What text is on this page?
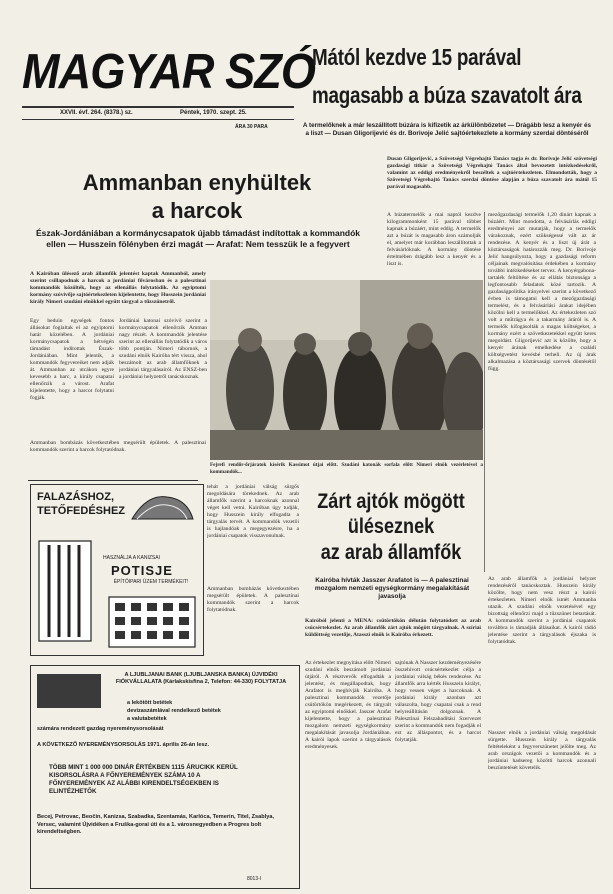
MAGYAR SZÓ
XXVII. évf. 264. (8378.) sz.	Péntek, 1970. szept. 25.
Mától kezdve 15 parával
magasabb a búza szavatolt ára
ÁRA 30 PARA	A termelőknek a már leszállított búzára is kifizetik az árkülönbözetet — Drágább lesz a kenyér és a liszt — Dusan Gligorijević és dr. Borivoje Jelić sajtóértekezlete a kormány szerdai döntéséről
Dusan Gligorijević, a Szövetségi Végrehajtó Tanács tagja és dr. Borivoje Jelić szövetségi gazdasági titkár a Szövetségi Végrehajtó Tanács által bevezetett intézkedésekről, valamint az eddigi eredményekről beszéltek a sajtóértekezleten. Elmondották, hogy a Szövetségi Végrehajtó Tanács szerdai döntése alapján a búza szavatolt ára mától 15 parával magasabb.
A búzatermelők a mai naptól kezdve kilogrammonként 15 parával többet kapnak a búzáért, mint eddig. A termelők azt a búzát is magasabb áron számolják el, amelyet már korábban leszállítottak a felvásárlóknak. A kormány döntése értelmében drágább lesz a kenyér és a liszt is.
mezőgazdasági termelők 1,20 dinárt kapnak a búzáért. Mint mondotta, a felvásárlás eddigi eredményei azt mutatják, hogy a termelők várakoznak, ezért szükségessé vált az ár rendezése. A kenyér és a liszt új árát a köztársaságok határozzák meg. Dr. Borivoje Jelić hangsúlyozta, hogy a gazdasági reform céljainak megvalósítása érdekében a kormány további intézkedéseket tervez. A kenyérgabona-tartalék feltöltése és az ellátás biztonsága a legfontosabb feladatok közé tartozik. A gazdaságpolitika irányelvei szerint a következő évben is támogatni kell a mezőgazdasági termelést, és a felvásárlási árakat idejében közölni kell a termelőkkel. Az értekezleten szó volt a műtrágya és a takarmány áráról is. A termelők kifogásolták a magas költségeket, a kormány ezért a szövetkezetekkel együtt keres megoldást. Gligorijević azt is közölte, hogy a kenyér árának emelkedése a családi költségvetést kevésbé terheli. Az új árak alkalmazása a köztársasági szervek döntésétől függ.
Ammanban enyhültek
a harcok
Észak-Jordániában a kormánycsapatok újabb támadást indítottak a kommandók ellen — Husszein fölényben érzi magát — Arafat: Nem tesszük le a fegyvert
A Kairóban ülésező arab államfők jelentést kaptak Ammanból, amely szerint csillapodnak a harcok a jordániai fővárosban és a palesztinai kommandók közölték, hogy az ellenállás folytatódik. Az egyiptomi kormány szóvivője sajtóértekezleten kijelentette, hogy Husszein jordániai király Nimeri szudáni elnökkel együtt tárgyal a tűzszünetről.
Egy beduin egységek fontos állásokat foglaltak el az egyiptomi határ közelében. A jordániai kormánycsapatok a hétvégén támadást indítottak Észak-Jordániában. Mint jelentik, a kommandók fegyvereiket nem adják át. Ammanban az utcákon egyre kevesebb a harc, a király csapatai ellenőrzik a várost. Arafat kijelentette, hogy a harcot folytatni fogják.
Jordániai katonai szóvivő szerint a kormánycsapatok ellenőrzik Amman nagy részét. A kommandók jelentése szerint az ellenállás folytatódik a város több pontján. Nimeri tábornok, a szudáni elnök Kairóba tért vissza, ahol beszámolt az arab államfőknek a jordániai tárgyalásairól. Az ENSZ-ben a jordániai helyzetről tanácskoznak.
Ammanban bombázás következtében megsérült épületek. A palesztinai kommandók szerint a harcok folytatódnak.
Fejrefi rendőr-őrjáratok kísérik Kassimot útjai előtt. Szudáni katonák sorfala előtt Nimeri elnök vezérletével a kommandók...
tehát a jordániai válság sürgős megoldására törekednek. Az arab államfők szerint a harcoknak azonnal véget kell vetni. Kairóban úgy tudják, hogy Husszein király elfogadta a tárgyalás tervét. A kommandók vezetői is hajlandóak a megegyezésre, ha a jordániai csapatok visszavonulnak.
FALAZÁSHOZ,
TETŐFEDÉSHEZ
HASZNÁLJA A KANIZSAI
POTISJE
ÉPÍTŐIPARI ÜZEM TERMÉKEIT!
Zárt ajtók mögött
üléseznek
az arab államfők
Kairóba hívták Jasszer Arafatot is — A palesztinai mozgalom nemzeti egységkormány megalakítását javasolja
Ammanban bombázás következtében megsérült épületek. A palesztinai kommandók szerint a harcok folytatódnak.
Kairóból jelenti a MENA: csütörtökön délután folytatódott az arab csúcsértekezlet. Az arab államfők zárt ajtók mögött tárgyalnak. A szíriai küldöttség vezetője, Atasszi elnök is Kairóba érkezett.
Az értekezlet megnyitása előtt Nimeri szudáni elnök beszámolt jordániai útjáról. A résztvevők elfogadták a jelentést, és megállapodtak, hogy Arafatot is meghívják Kairóba. A palesztinai kommandók vezetője csütörtökön megérkezett, és tárgyalt az egyiptomi elnökkel. Jasszer Arafat kijelentette, hogy a palesztinai mozgalom nemzeti egységkormány megalakítását javasolja Jordániában. A kairói lapok szerint a tárgyalások eredményesek.
sajtónak A Nasszer kezdeményezésére összehívott csúcsértekezlet célja a jordániai válság békés rendezése. Az államfők arra kérték Husszein királyt, hogy vessen véget a harcoknak. A jordániai király azonban azt válaszolta, hogy csapatai csak a rend helyreállításán dolgoznak. A Palesztinai Felszabadítási Szervezet szerint a kommandók nem fogadják el ezt az álláspontot, és a harcot folytatják.
Az arab államfők a jordániai helyzet rendezéséről tanácskoztak. Husszein király közölte, hogy nem vesz részt a kairói értekezleten. Nimeri elnök ismét Ammanba utazik. A szudáni elnök vezetésével egy bizottság ellenőrzi majd a tűzszünet betartását. A kommandók szerint a jordániai csapatok továbbra is támadják állásaikat. A kairói rádió jelentése szerint a tárgyalások éjszaka is folytatódtak.
Nasszer elnök a jordániai válság megoldását sürgette. Husszein király a tárgyalás feltételeként a fegyverszünetet jelölte meg. Az arab országok vezetői a kommandók és a jordániai hadsereg közötti harcok azonnali beszüntetését követelik.
A LJUBLJANAI BANK (LJUBLJANSKA BANKA) ÚJVIDÉKI FIÓKVÁLLALATA (Kárlakskisfina 2, Telefon: 44-330) FOLYTATJA
a lekötött betétek
devizaszámlával rendelkező betétek
a valutabetétek
számára rendezett gazdag nyereménysorsolását
A KÖVETKEZŐ NYEREMÉNYSORSOLÁS 1971. április 26-án lesz.
TÖBB MINT 1 000 000 DINÁR ÉRTÉKBEN 1115 ÁRUCIKK KERÜL KISORSOLÁSRA A FŐNYEREMÉNYEK SZÁMA 10 A FŐNYEREMÉNYEK AZ ALÁBBI KIRENDELTSÉGEKBEN IS ELINTÉZHETŐK
Becej, Petrovac, Beočin, Kanizsa, Szabadka, Szentamás, Karlóca, Temerin, Titel, Zsablya, Versec, valamint Újvidéken a Fruška-gorai úti és a 1. városnegyedben a Progres bolt kirendeltségben.
8013-I
